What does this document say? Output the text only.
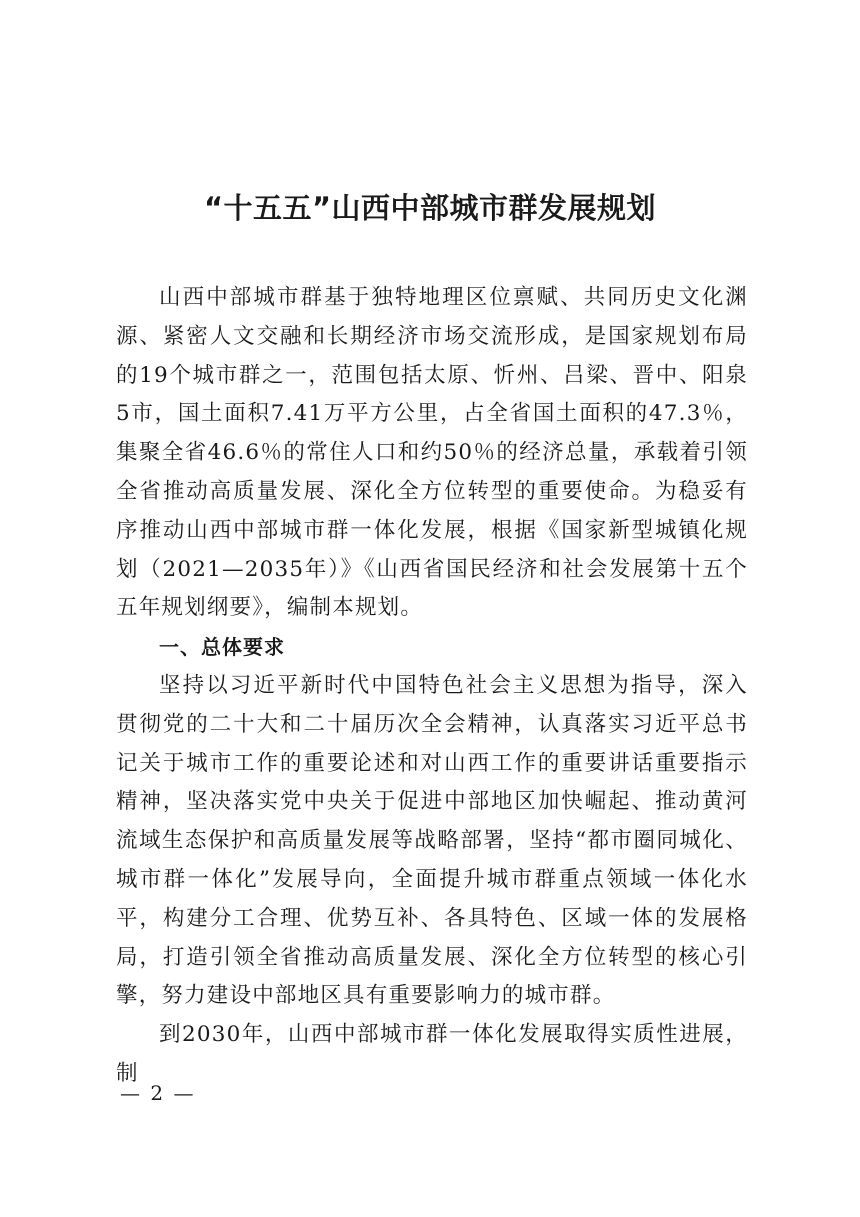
“十五五”山西中部城市群发展规划

山西中部城市群基于独特地理区位禀赋、共同历史文化渊源、紧密人文交融和长期经济市场交流形成，是国家规划布局的19个城市群之一，范围包括太原、忻州、吕梁、晋中、阳泉5市，国土面积7.41万平方公里，占全省国土面积的47.3％，集聚全省46.6％的常住人口和约50％的经济总量，承载着引领全省推动高质量发展、深化全方位转型的重要使命。为稳妥有序推动山西中部城市群一体化发展，根据《国家新型城镇化规划（2021—2035年）》《山西省国民经济和社会发展第十五个五年规划纲要》，编制本规划。

一、总体要求

坚持以习近平新时代中国特色社会主义思想为指导，深入贯彻党的二十大和二十届历次全会精神，认真落实习近平总书记关于城市工作的重要论述和对山西工作的重要讲话重要指示精神，坚决落实党中央关于促进中部地区加快崛起、推动黄河流域生态保护和高质量发展等战略部署，坚持“都市圈同城化、城市群一体化”发展导向，全面提升城市群重点领域一体化水平，构建分工合理、优势互补、各具特色、区域一体的发展格局，打造引领全省推动高质量发展、深化全方位转型的核心引擎，努力建设中部地区具有重要影响力的城市群。

到2030年，山西中部城市群一体化发展取得实质性进展，制

— 2 —
